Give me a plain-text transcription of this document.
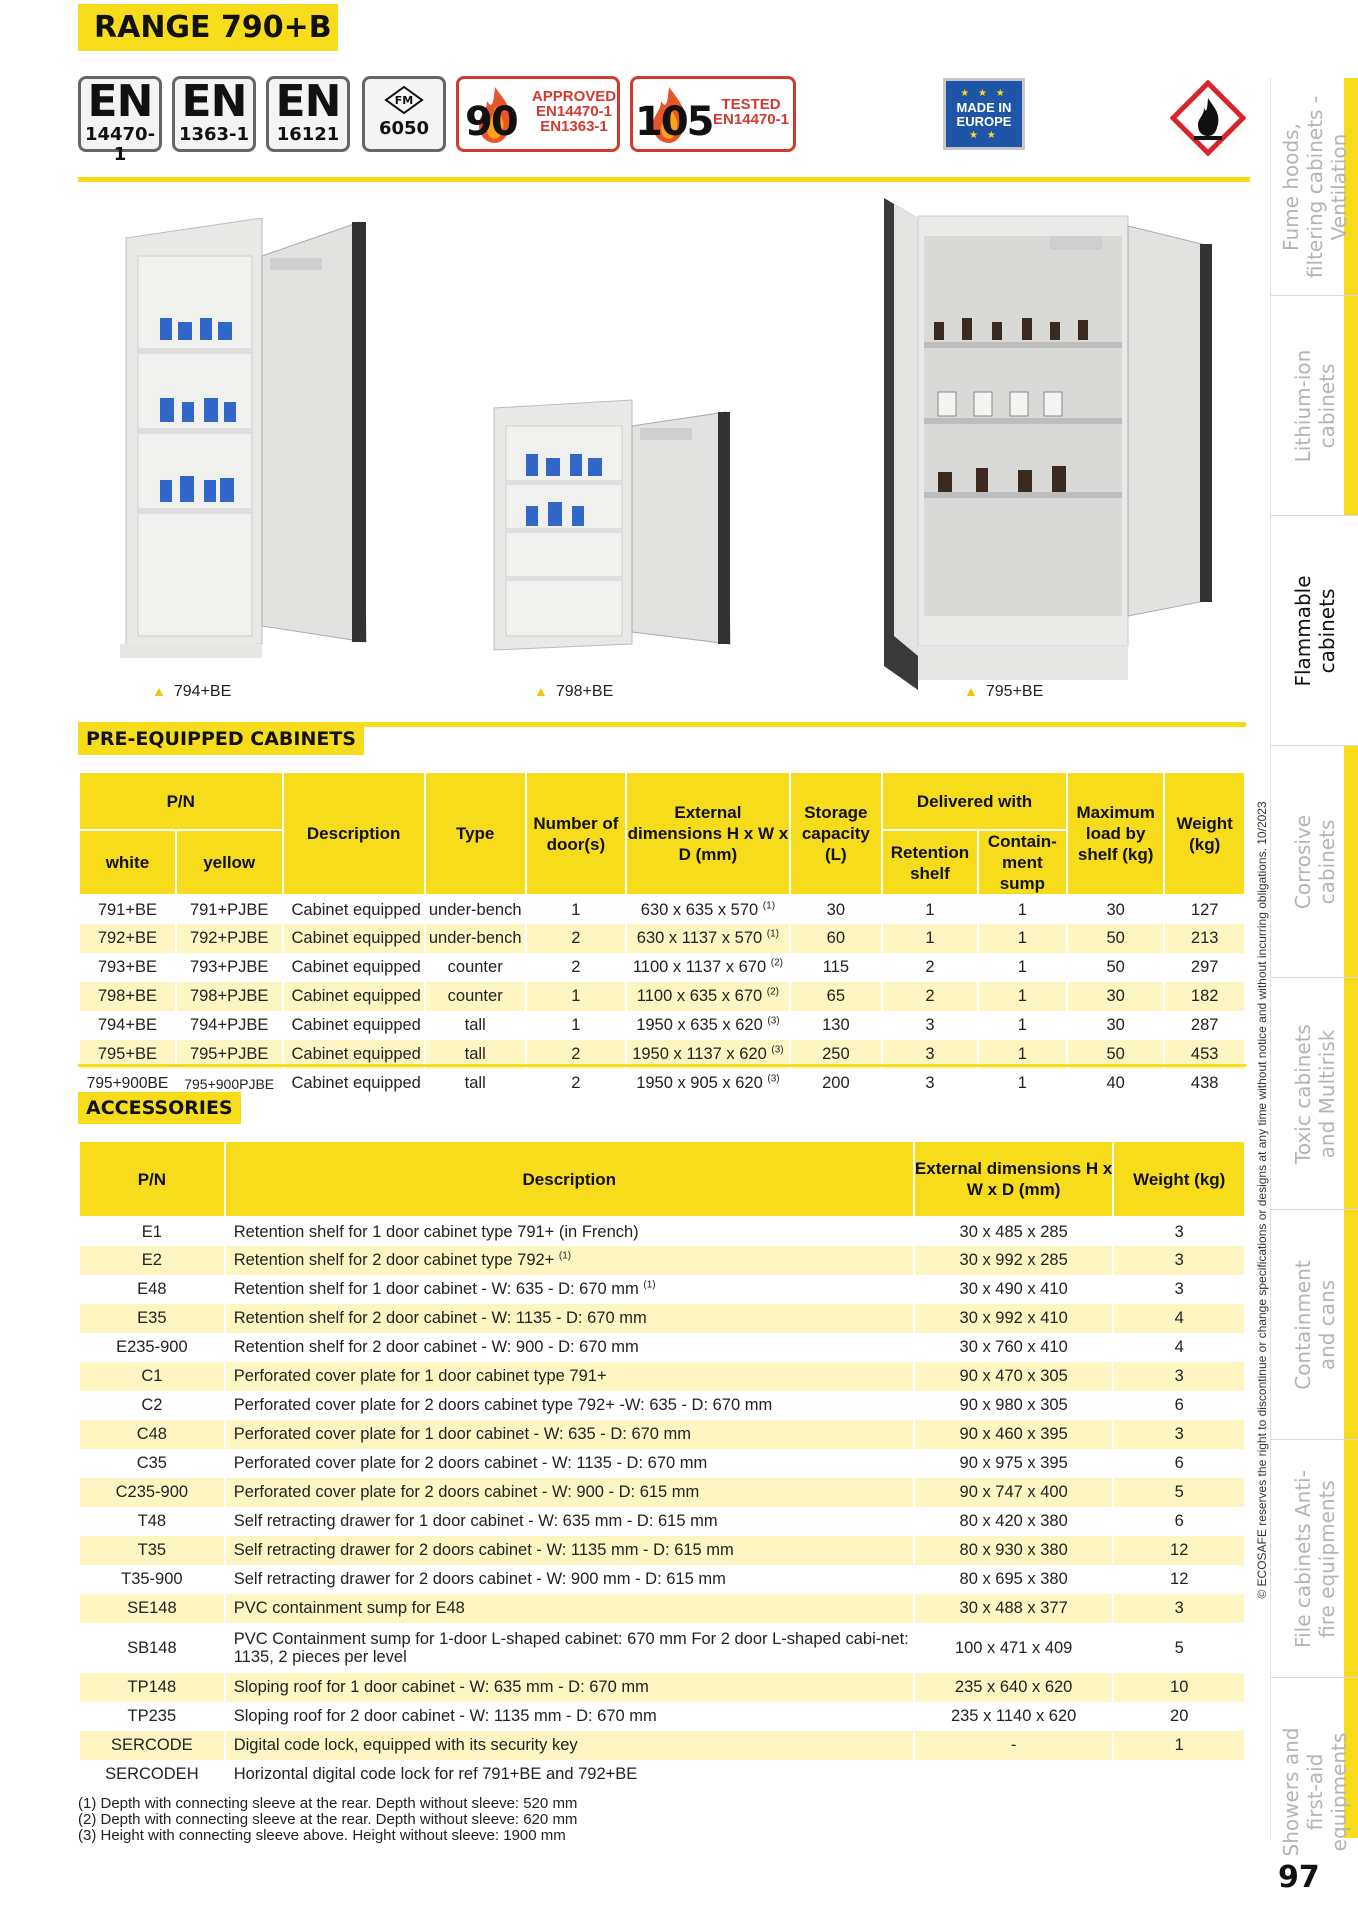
RANGE 790+B
EN
14470-1
EN
1363-1
EN
16121
FM
6050 90
APPROVED
EN14470-1
EN1363-1 105 TESTED
EN14470-1
★ ★ ★
MADE IN
EUROPE
★ ★
▲ 794+BE	▲ 798+BE	▲ 795+BE
PRE-EQUIPPED CABINETS
P/N		Description	Type	Number of door(s)	External dimensions H x W x D (mm)	Storage capacity (L)	Delivered with		Maximum load by shelf (kg)	Weight (kg)
white	yellow						Retention shelf	Contain-ment sump		
791+BE	791+PJBE	Cabinet equipped	under-bench	1	630 x 635 x 570 $^{(1)}$	30	1	1	30	127
792+BE	792+PJBE	Cabinet equipped	under-bench	2	630 x 1137 x 570 $^{(1)}$	60	1	1	50	213
793+BE	793+PJBE	Cabinet equipped	counter	2	1100 x 1137 x 670 $^{(2)}$	115	2	1	50	297
798+BE	798+PJBE	Cabinet equipped	counter	1	1100 x 635 x 670 $^{(2)}$	65	2	1	30	182
794+BE	794+PJBE	Cabinet equipped	tall	1	1950 x 635 x 620 $^{(3)}$	130	3	1	30	287
795+BE	795+PJBE	Cabinet equipped	tall	2	1950 x 1137 x 620 $^{(3)}$	250	3	1	50	453
795+900BE	795+900PJBE	Cabinet equipped	tall	2	1950 x 905 x 620 $^{(3)}$	200	3	1	40	438
ACCESSORIES
P/N	Description	External dimensions H x W x D (mm)	Weight (kg)
E1	Retention shelf for 1 door cabinet type 791+ (in French)	30 x 485 x 285	3
E2	Retention shelf for 2 door cabinet type 792+ $^{(1)}$	30 x 992 x 285	3
E48	Retention shelf for 1 door cabinet - W: 635 - D: 670 mm $^{(1)}$	30 x 490 x 410	3
E35	Retention shelf for 2 door cabinet - W: 1135 - D: 670 mm	30 x 992 x 410	4
E235-900	Retention shelf for 2 door cabinet - W: 900 - D: 670 mm	30 x 760 x 410	4
C1	Perforated cover plate for 1 door cabinet type 791+	90 x 470 x 305	3
C2	Perforated cover plate for 2 doors cabinet type 792+ -W: 635 - D: 670 mm	90 x 980 x 305	6
C48	Perforated cover plate for 1 door cabinet - W: 635 - D: 670 mm	90 x 460 x 395	3
C35	Perforated cover plate for 2 doors cabinet - W: 1135 - D: 670 mm	90 x 975 x 395	6
C235-900	Perforated cover plate for 2 doors cabinet - W: 900 - D: 615 mm	90 x 747 x 400	5
T48	Self retracting drawer for 1 door cabinet - W: 635 mm - D: 615 mm	80 x 420 x 380	6
T35	Self retracting drawer for 2 doors cabinet - W: 1135 mm - D: 615 mm	80 x 930 x 380	12
T35-900	Self retracting drawer for 2 doors cabinet - W: 900 mm - D: 615 mm	80 x 695 x 380	12
SE148	PVC containment sump for E48	30 x 488 x 377	3
SB148	PVC Containment sump for 1-door L-shaped cabinet: 670 mm For 2 door L-shaped cabi-net: 1135, 2 pieces per level	100 x 471 x 409	5
TP148	Sloping roof for 1 door cabinet - W: 635 mm - D: 670 mm	235 x 640 x 620	10
TP235	Sloping roof for 2 door cabinet - W: 1135 mm - D: 670 mm	235 x 1140 x 620	20
SERCODE	Digital code lock, equipped with its security key	-	1
SERCODEH	Horizontal digital code lock for ref 791+BE and 792+BE		
(1) Depth with connecting sleeve at the rear. Depth without sleeve: 520 mm
(2) Depth with connecting sleeve at the rear. Depth without sleeve: 620 mm
(3) Height with connecting sleeve above. Height without sleeve: 1900 mm
Fume hoods, filtering cabinets - Ventilation
Lithium-ion cabinets
Flammable cabinets
Corrosive cabinets
Toxic cabinets and Multirisk
Containment and cans
File cabinets Anti-fire equipments
Showers and first-aid equipments
© ECOSAFE reserves the right to discontinue or change specifications or designs at any time without notice and without incurring obligations. 10/2023
97
